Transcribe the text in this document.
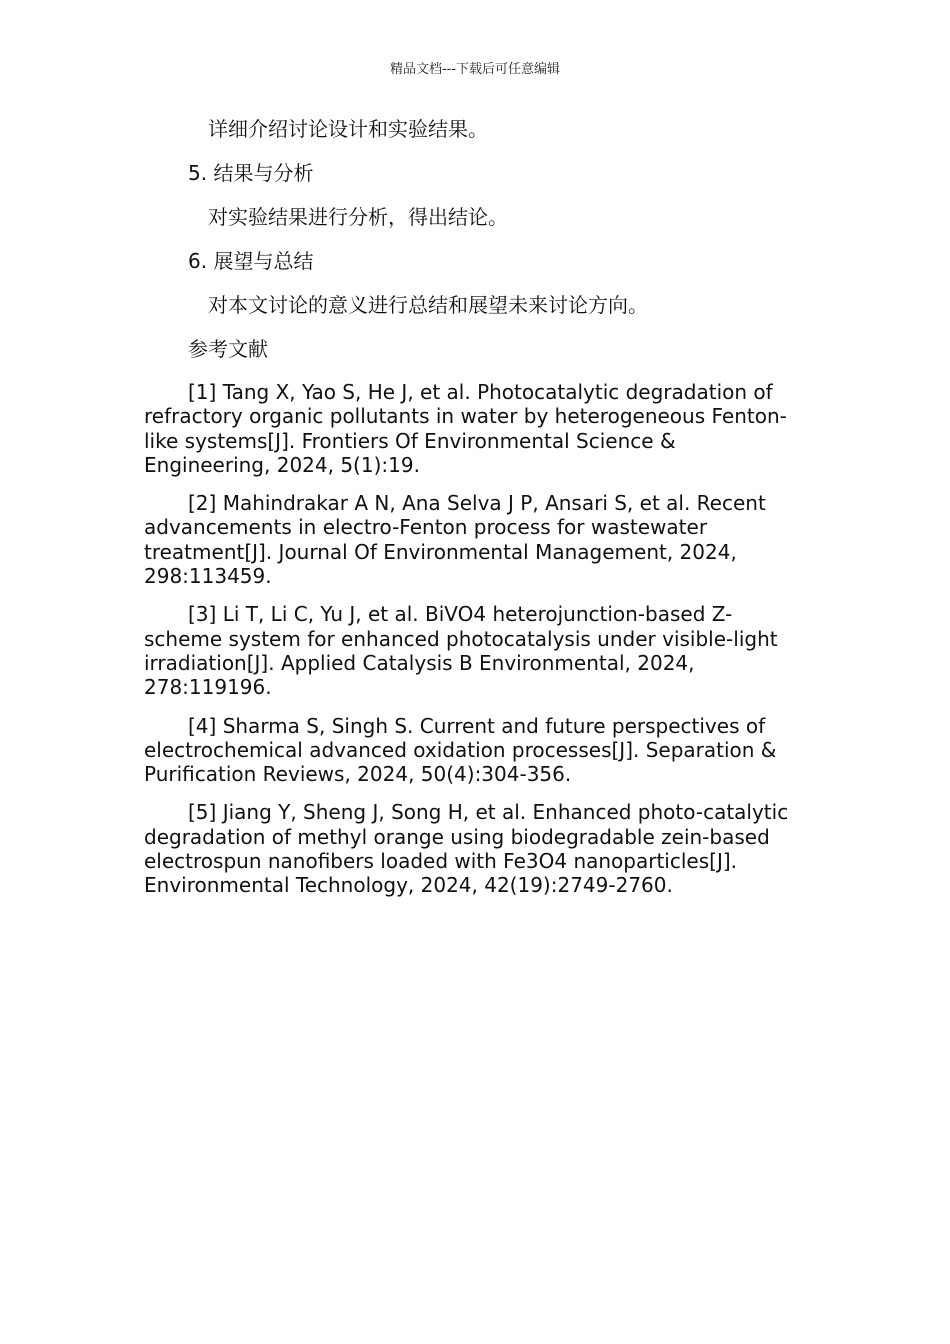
精品文档---下载后可任意编辑

详细介绍讨论设计和实验结果。

5. 结果与分析

对实验结果进行分析，得出结论。

6. 展望与总结

对本文讨论的意义进行总结和展望未来讨论方向。

参考文献

[1] Tang X, Yao S, He J, et al. Photocatalytic degradation of refractory organic pollutants in water by heterogeneous Fenton-like systems[J]. Frontiers Of Environmental Science & Engineering, 2024, 5(1):19.

[2] Mahindrakar A N, Ana Selva J P, Ansari S, et al. Recent advancements in electro-Fenton process for wastewater treatment[J]. Journal Of Environmental Management, 2024, 298:113459.

[3] Li T, Li C, Yu J, et al. BiVO4 heterojunction-based Z-scheme system for enhanced photocatalysis under visible-light irradiation[J]. Applied Catalysis B Environmental, 2024, 278:119196.

[4] Sharma S, Singh S. Current and future perspectives of electrochemical advanced oxidation processes[J]. Separation & Purification Reviews, 2024, 50(4):304-356.

[5] Jiang Y, Sheng J, Song H, et al. Enhanced photo-catalytic degradation of methyl orange using biodegradable zein-based electrospun nanofibers loaded with Fe3O4 nanoparticles[J]. Environmental Technology, 2024, 42(19):2749-2760.
